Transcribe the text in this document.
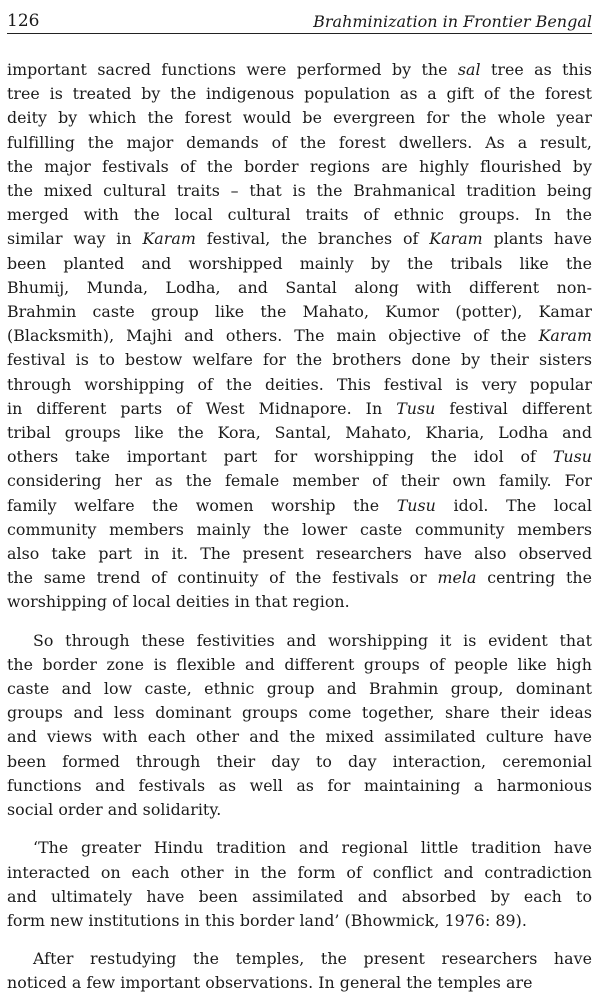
126	Brahminization in Frontier Bengal
important sacred functions were performed by the sal tree as this
tree is treated by the indigenous population as a gift of the forest
deity by which the forest would be evergreen for the whole year
fulfilling the major demands of the forest dwellers. As a result,
the major festivals of the border regions are highly flourished by
the mixed cultural traits – that is the Brahmanical tradition being
merged with the local cultural traits of ethnic groups. In the
similar way in Karam festival, the branches of Karam plants have
been planted and worshipped mainly by the tribals like the
Bhumij, Munda, Lodha, and Santal along with different non-
Brahmin caste group like the Mahato, Kumor (potter), Kamar
(Blacksmith), Majhi and others. The main objective of the Karam
festival is to bestow welfare for the brothers done by their sisters
through worshipping of the deities. This festival is very popular
in different parts of West Midnapore. In Tusu festival different
tribal groups like the Kora, Santal, Mahato, Kharia, Lodha and
others take important part for worshipping the idol of Tusu
considering her as the female member of their own family. For
family welfare the women worship the Tusu idol. The local
community members mainly the lower caste community members
also take part in it. The present researchers have also observed
the same trend of continuity of the festivals or mela centring the
worshipping of local deities in that region.
So through these festivities and worshipping it is evident that
the border zone is flexible and different groups of people like high
caste and low caste, ethnic group and Brahmin group, dominant
groups and less dominant groups come together, share their ideas
and views with each other and the mixed assimilated culture have
been formed through their day to day interaction, ceremonial
functions and festivals as well as for maintaining a harmonious
social order and solidarity.
‘The greater Hindu tradition and regional little tradition have
interacted on each other in the form of conflict and contradiction
and ultimately have been assimilated and absorbed by each to
form new institutions in this border land’ (Bhowmick, 1976: 89).
After restudying the temples, the present researchers have
noticed a few important observations. In general the temples are
